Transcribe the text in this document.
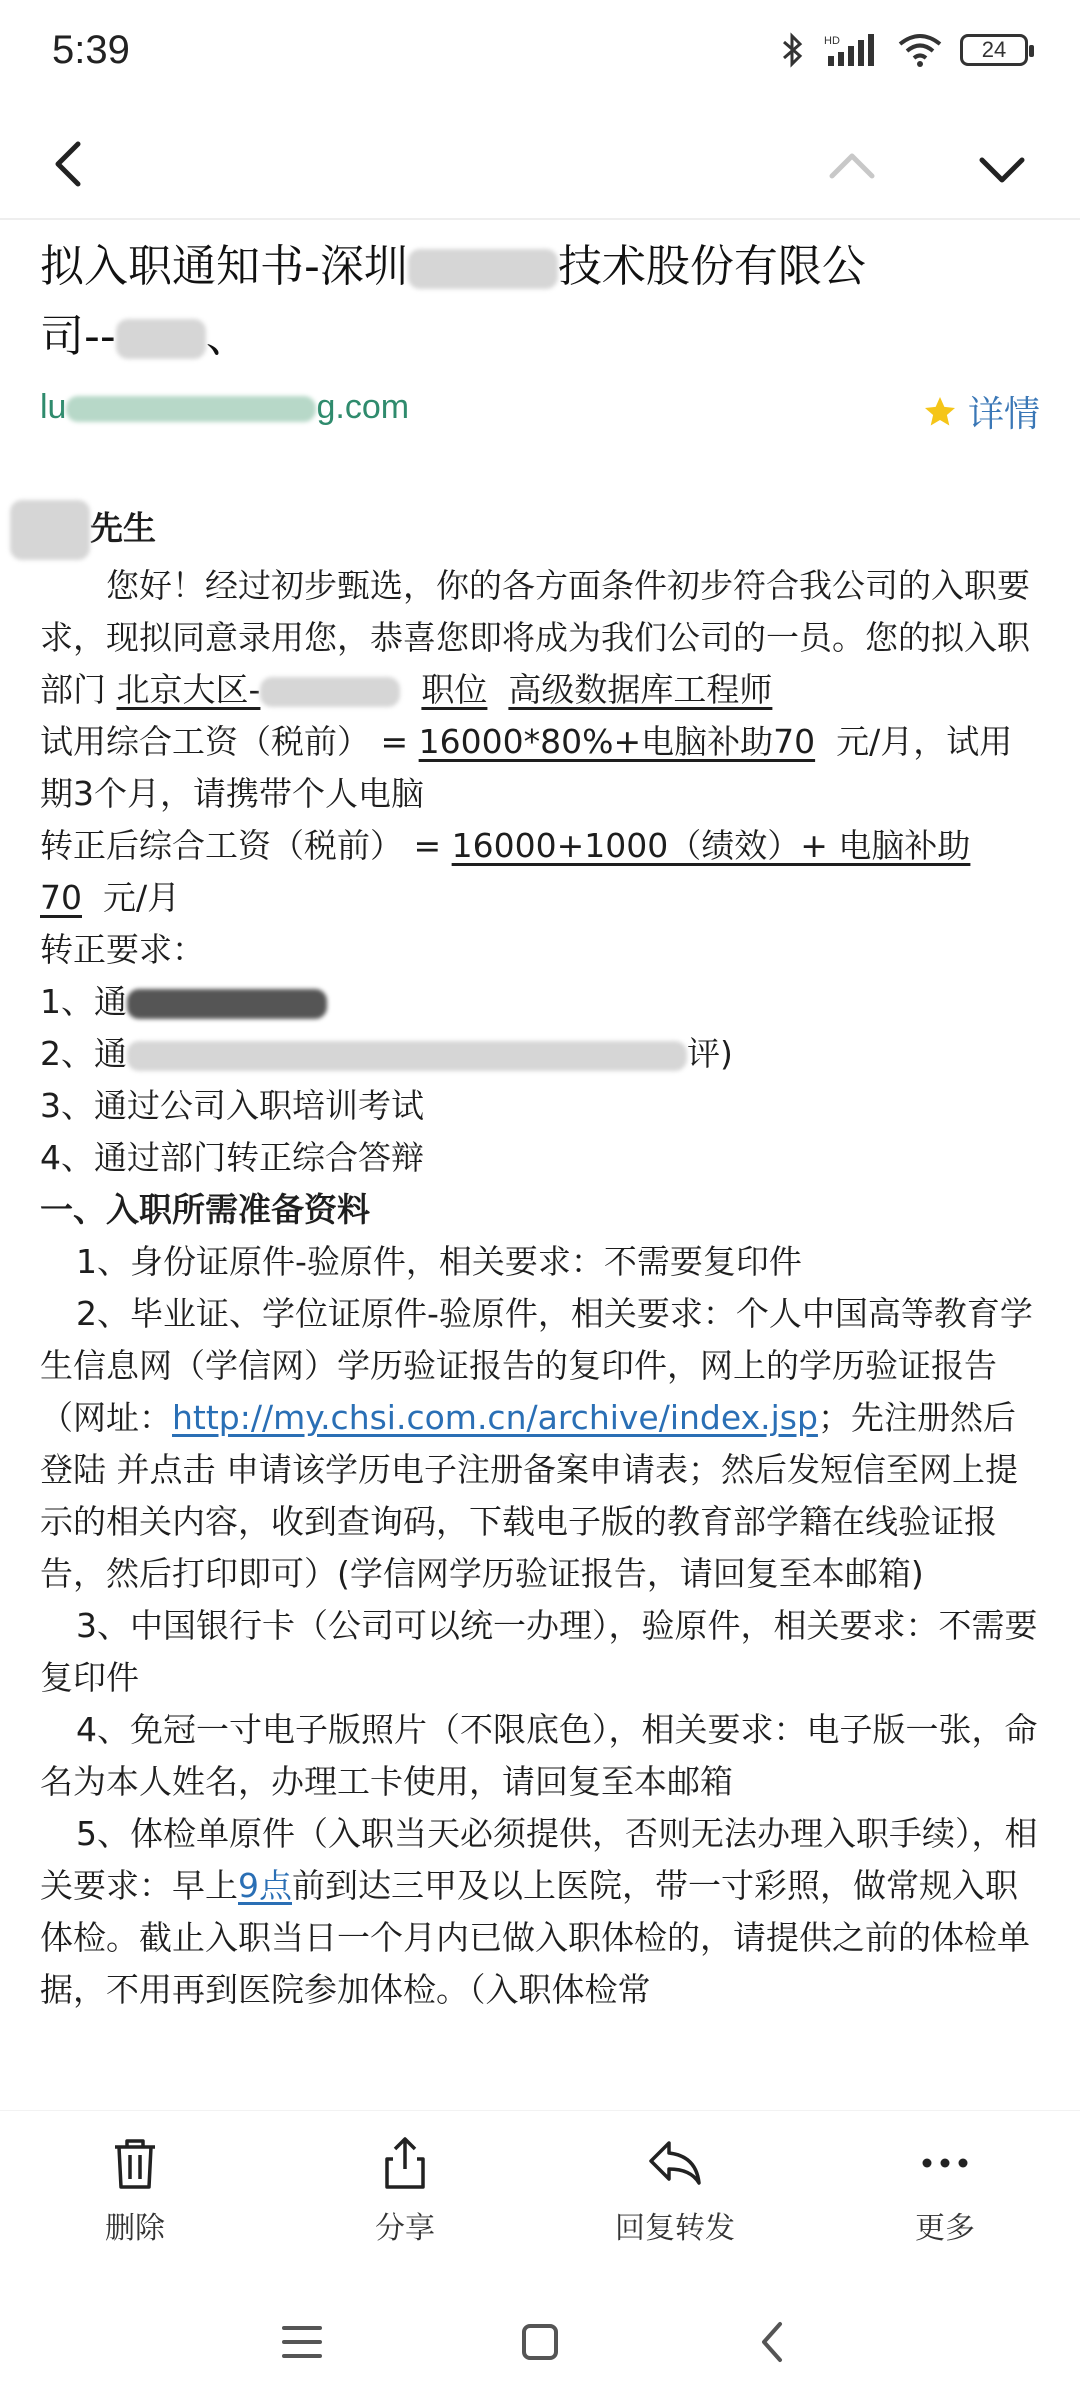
5:39	HD	24
拟入职通知书-深圳	技术股份有限公
司-- 、
lu	g.com	详情

先生

您好！经过初步甄选，你的各方面条件初步符合我公司的入职要求，现拟同意录用您，恭喜您即将成为我们公司的一员。您的拟入职部门 北京大区-	职位 高级数据库工程师

试用综合工资（税前） = 16000*80%+电脑补助70 元/月，试用期3个月，请携带个人电脑

转正后综合工资（税前） = 16000+1000（绩效）+ 电脑补助70 元/月

转正要求：

1、通

2、通	评)

3、通过公司入职培训考试

4、通过部门转正综合答辩

一、入职所需准备资料

1、身份证原件-验原件，相关要求：不需要复印件

2、毕业证、学位证原件-验原件，相关要求：个人中国高等教育学生信息网（学信网）学历验证报告的复印件，网上的学历验证报告（网址：http://my.chsi.com.cn/archive/index.jsp；先注册然后登陆 并点击 申请该学历电子注册备案申请表；然后发短信至网上提示的相关内容，收到查询码，下载电子版的教育部学籍在线验证报告，然后打印即可）(学信网学历验证报告，请回复至本邮箱)

3、中国银行卡（公司可以统一办理），验原件，相关要求：不需要复印件

4、免冠一寸电子版照片（不限底色），相关要求：电子版一张，命名为本人姓名，办理工卡使用，请回复至本邮箱

5、体检单原件（入职当天必须提供，否则无法办理入职手续），相关要求：早上9点前到达三甲及以上医院，带一寸彩照，做常规入职体检。截止入职当日一个月内已做入职体检的，请提供之前的体检单据，不用再到医院参加体检。（入职体检常

删除	分享	回复转发	更多
